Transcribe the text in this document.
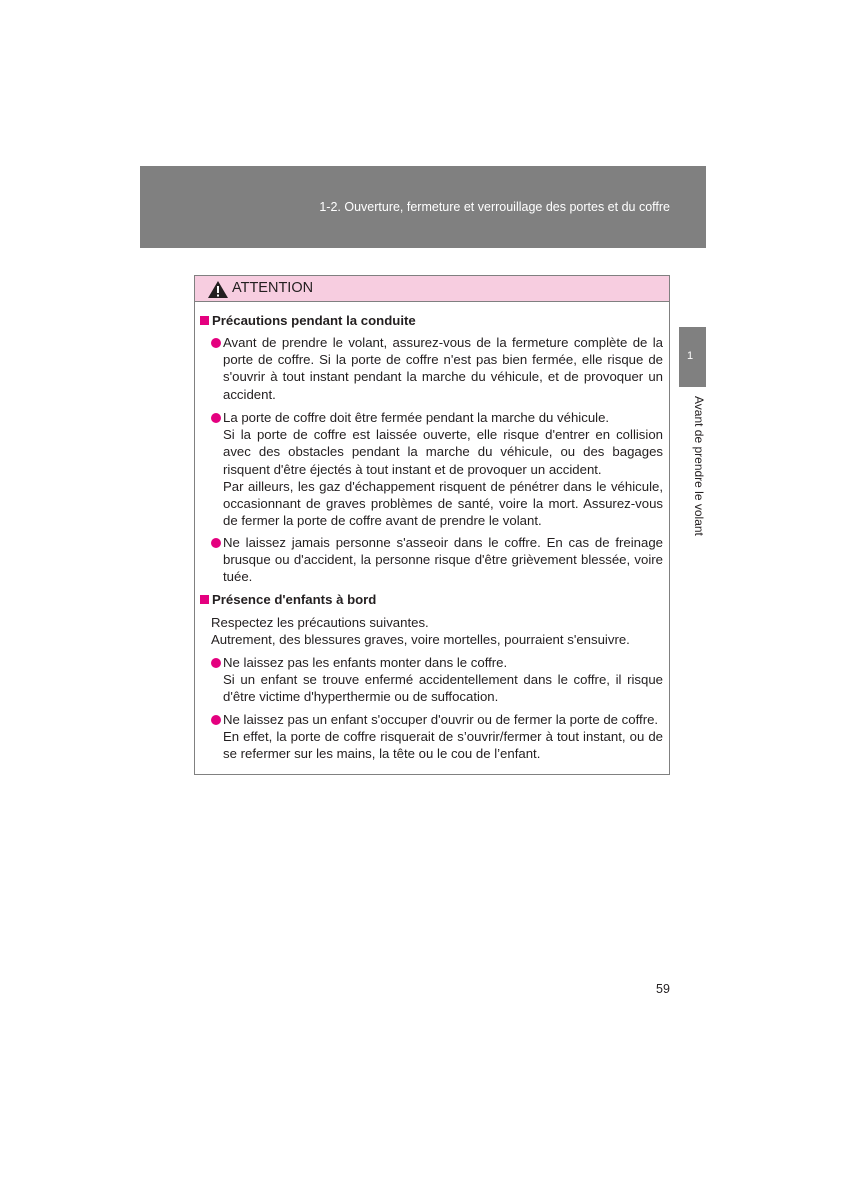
1-2. Ouverture, fermeture et verrouillage des portes et du coffre
1
Avant de prendre le volant
ATTENTION
Précautions pendant la conduite

Avant de prendre le volant, assurez-vous de la fermeture complète de la porte de coffre. Si la porte de coffre n'est pas bien fermée, elle risque de s'ouvrir à tout instant pendant la marche du véhicule, et de provoquer un accident.

La porte de coffre doit être fermée pendant la marche du véhicule.

Si la porte de coffre est laissée ouverte, elle risque d'entrer en collision avec des obstacles pendant la marche du véhicule, ou des bagages risquent d'être éjectés à tout instant et de provoquer un accident.

Par ailleurs, les gaz d'échappement risquent de pénétrer dans le véhicule, occasionnant de graves problèmes de santé, voire la mort. Assurez-vous de fermer la porte de coffre avant de prendre le volant.

Ne laissez jamais personne s'asseoir dans le coffre. En cas de freinage brusque ou d'accident, la personne risque d'être grièvement blessée, voire tuée.

Présence d'enfants à bord

Respectez les précautions suivantes.

Autrement, des blessures graves, voire mortelles, pourraient s'ensuivre.

Ne laissez pas les enfants monter dans le coffre.

Si un enfant se trouve enfermé accidentellement dans le coffre, il risque d'être victime d'hyperthermie ou de suffocation.

Ne laissez pas un enfant s'occuper d'ouvrir ou de fermer la porte de coffre.

En effet, la porte de coffre risquerait de s’ouvrir/fermer à tout instant, ou de se refermer sur les mains, la tête ou le cou de l’enfant.

59
